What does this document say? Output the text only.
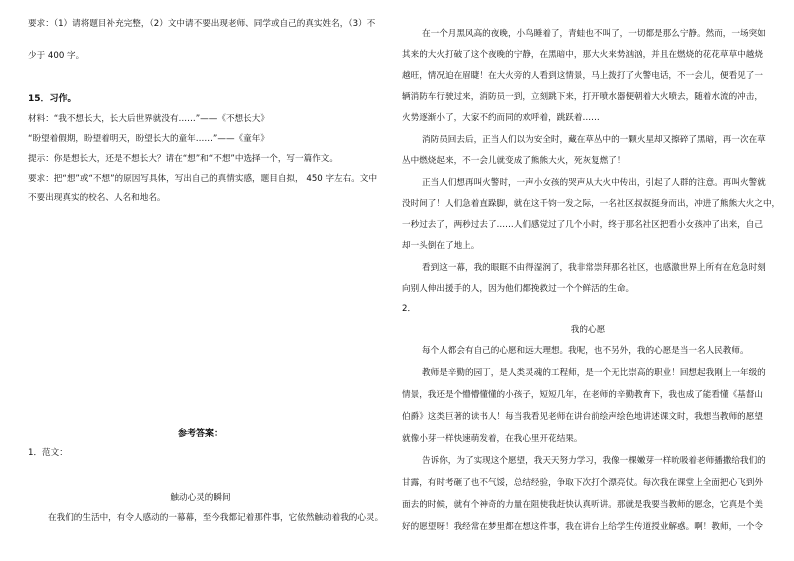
要求：（1）请将题目补充完整，（2）文中请不要出现老师、同学或自己的真实姓名，（3）不
少于 400 字。
15．习作。
材料：“我不想长大，长大后世界就没有……”——《不想长大》
“盼望着假期，盼望着明天，盼望长大的童年……”——《童年》
提示：你是想长大，还是不想长大？请在“想”和“不想”中选择一个，写一篇作文。
要求：把“想”或“不想”的原因写具体，写出自己的真情实感，题目自拟， 450 字左右。文中
不要出现真实的校名、人名和地名。
参考答案：
1．范文：
触动心灵的瞬间
在我们的生活中，有令人感动的一幕幕，至今我都记着那件事，它依然触动着我的心灵。
在一个月黑风高的夜晚，小鸟睡着了，青蛙也不叫了，一切都是那么宁静。然而，一场突如
其来的大火打破了这个夜晚的宁静，在黑暗中，那大火来势汹汹，并且在燃烧的花花草草中越烧
越旺，情况迫在眉睫！在大火旁的人看到这情景，马上拨打了火警电话，不一会儿，便看见了一
辆消防车行驶过来，消防员一到，立刻跳下来，打开喷水器便朝着大火喷去，随着水流的冲击，
火势逐渐小了，大家不约而同的欢呼着，跳跃着……
消防员回去后，正当人们以为安全时，藏在草丛中的一颗火星却又擦碎了黑暗，再一次在草
丛中燃烧起来，不一会儿就变成了熊熊大火，死灰复燃了！
正当人们想再叫火警时，一声小女孩的哭声从大火中传出，引起了人群的注意。再叫火警就
没时间了！人们急着直跺脚，就在这千钧一发之际，一名社区叔叔挺身而出，冲进了熊熊大火之中，
一秒过去了，两秒过去了……人们感觉过了几个小时，终于那名社区把看小女孩冲了出来，自己
却一头倒在了地上。
看到这一幕，我的眼眶不由得湿润了，我非常崇拜那名社区，也感激世界上所有在危急时刻
向别人伸出援手的人，因为他们都挽救过一个个鲜活的生命。
2．
我的心愿
每个人都会有自己的心愿和远大理想。我呢，也不另外，我的心愿是当一名人民教师。
教师是辛勤的园丁，是人类灵魂的工程师，是一个无比崇高的职业！回想起我刚上一年级的
情景，我还是个懵懵懂懂的小孩子，短短几年，在老师的辛勤教育下，我也成了能看懂《基督山
伯爵》这类巨著的读书人！每当我看见老师在讲台前绘声绘色地讲述课文时，我想当教师的愿望
就像小芽一样快速萌发着，在我心里开花结果。
告诉你，为了实现这个愿望，我天天努力学习，我像一棵嫩芽一样吮吸着老师播撒给我们的
甘露，有时考砸了也不气馁，总结经验，争取下次打个漂亮仗。每次我在课堂上全面把心飞到外
面去的时候，就有个神奇的力量在阻使我赶快认真听讲。那就是我要当教师的愿念，它真是个美
好的愿望呀！我经常在梦里都在想这件事，我在讲台上给学生传道授业解惑。啊！教师，一个令
